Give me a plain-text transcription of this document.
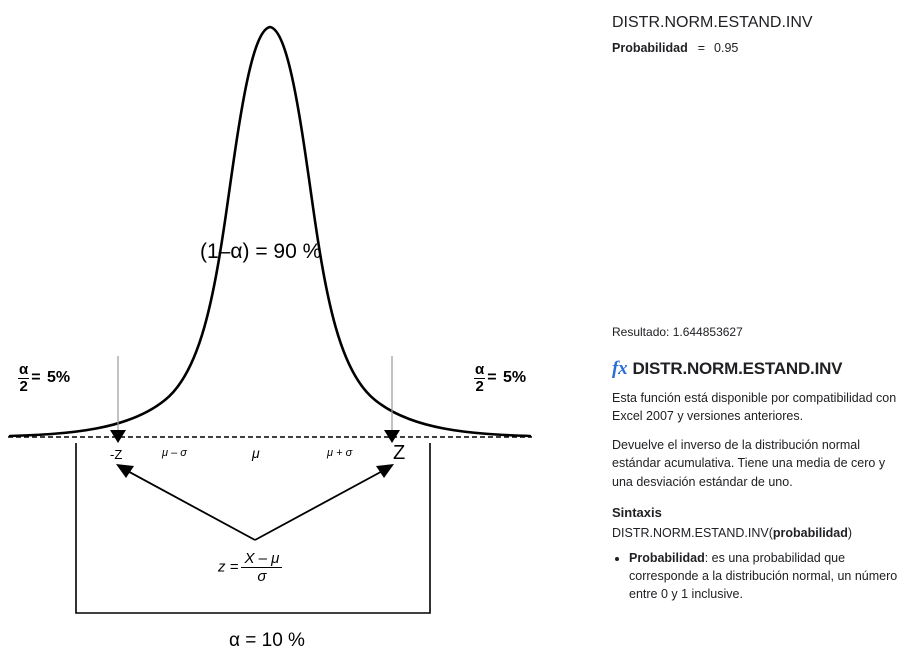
$\frac{\alpha}{2} = 5\%$	$\frac{\alpha}{2} = 5\%$
(1–α) = 90 %
-Z	μ – σ	μ	μ + σ Z
$z = \frac{X - \mu}{\sigma}$
α = 10 %
DISTR.NORM.ESTAND.INV
Probabilidad = 0.95
Resultado: 1.644853627
fx DISTR.NORM.ESTAND.INV

Esta función está disponible por compatibilidad con Excel 2007 y versiones anteriores.

Devuelve el inverso de la distribución normal estándar acumulativa. Tiene una media de cero y una desviación estándar de uno.

Sintaxis
DISTR.NORM.ESTAND.INV(probabilidad)
• Probabilidad: es una probabilidad que corresponde a la distribución normal, un número entre 0 y 1 inclusive.
